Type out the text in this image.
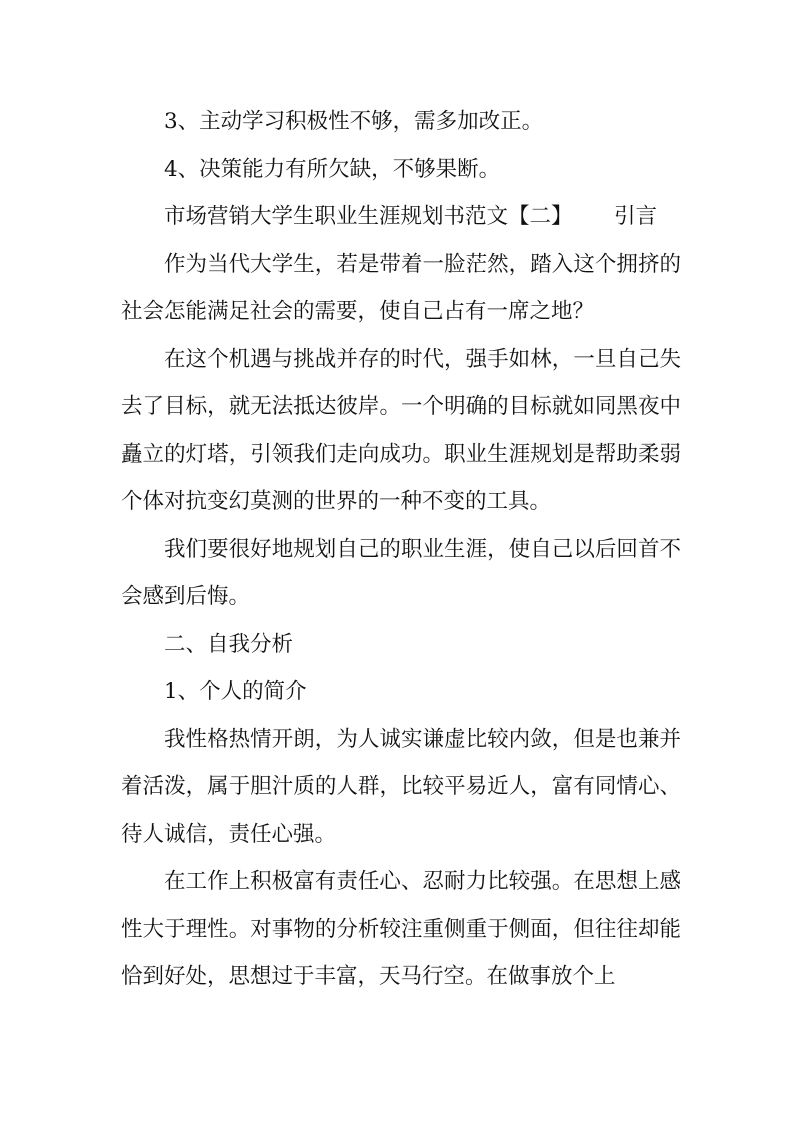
3、主动学习积极性不够，需多加改正。

4、决策能力有所欠缺，不够果断。

市场营销大学生职业生涯规划书范文【二】 引言

作为当代大学生，若是带着一脸茫然，踏入这个拥挤的社会怎能满足社会的需要，使自己占有一席之地？

在这个机遇与挑战并存的时代，强手如林，一旦自己失去了目标，就无法抵达彼岸。一个明确的目标就如同黑夜中矗立的灯塔，引领我们走向成功。职业生涯规划是帮助柔弱个体对抗变幻莫测的世界的一种不变的工具。

我们要很好地规划自己的职业生涯，使自己以后回首不会感到后悔。

二、自我分析

1、个人的简介

我性格热情开朗，为人诚实谦虚比较内敛，但是也兼并着活泼，属于胆汁质的人群，比较平易近人，富有同情心、待人诚信，责任心强。

在工作上积极富有责任心、忍耐力比较强。在思想上感性大于理性。对事物的分析较注重侧重于侧面，但往往却能恰到好处，思想过于丰富，天马行空。在做事放个上
